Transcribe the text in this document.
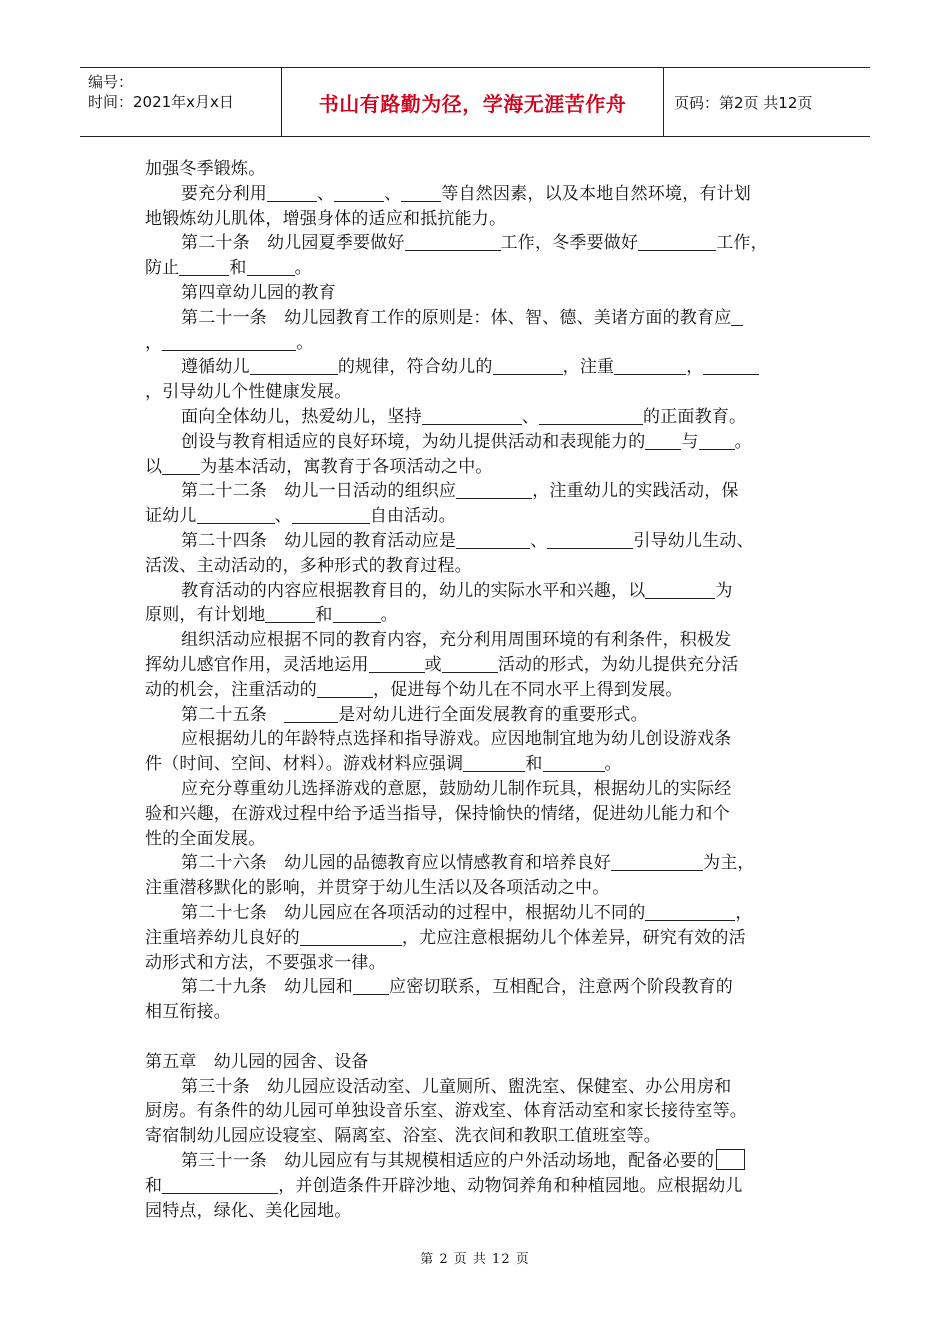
编号：
时间：2021年x月x日	书山有路勤为径，学海无涯苦作舟	页码：第2页 共12页

加强冬季锻炼。

要充分利用	、	、 等自然因素，以及本地自然环境，有计划

地锻炼幼儿肌体，增强身体的适应和抵抗能力。

第二十条　幼儿园夏季要做好	工作，冬季要做好	工作，

防止	和	。

第四章幼儿园的教育

第二十一条　幼儿园教育工作的原则是：体、智、德、美诸方面的教育应

，	。

遵循幼儿	的规律，符合幼儿的	，注重	，

，引导幼儿个性健康发展。

面向全体幼儿，热爱幼儿，坚持	、	的正面教育。

创设与教育相适应的良好环境，为幼儿提供活动和表现能力的 与 。

以 为基本活动，寓教育于各项活动之中。

第二十二条　幼儿一日活动的组织应	，注重幼儿的实践活动，保

证幼儿	、	自由活动。

第二十四条　幼儿园的教育活动应是	、	引导幼儿生动、

活泼、主动活动的，多种形式的教育过程。

教育活动的内容应根据教育目的，幼儿的实际水平和兴趣，以	为

原则，有计划地	和	。

组织活动应根据不同的教育内容，充分利用周围环境的有利条件，积极发

挥幼儿感官作用，灵活地运用	或	活动的形式，为幼儿提供充分活

动的机会，注重活动的	，促进每个幼儿在不同水平上得到发展。

第二十五条　	是对幼儿进行全面发展教育的重要形式。

应根据幼儿的年龄特点选择和指导游戏。应因地制宜地为幼儿创设游戏条

件（时间、空间、材料）。游戏材料应强调	和	。

应充分尊重幼儿选择游戏的意愿，鼓励幼儿制作玩具，根据幼儿的实际经

验和兴趣，在游戏过程中给予适当指导，保持愉快的情绪，促进幼儿能力和个

性的全面发展。

第二十六条　幼儿园的品德教育应以情感教育和培养良好	为主，

注重潜移默化的影响，并贯穿于幼儿生活以及各项活动之中。

第二十七条　幼儿园应在各项活动的过程中，根据幼儿不同的	，

注重培养幼儿良好的	，尤应注意根据幼儿个体差异，研究有效的活

动形式和方法，不要强求一律。

第二十九条　幼儿园和 应密切联系，互相配合，注意两个阶段教育的

相互衔接。

第五章　幼儿园的园舍、设备

第三十条　幼儿园应设活动室、儿童厕所、盥洗室、保健室、办公用房和

厨房。有条件的幼儿园可单独设音乐室、游戏室、体育活动室和家长接待室等。

寄宿制幼儿园应设寝室、隔离室、浴室、洗衣间和教职工值班室等。

第三十一条　幼儿园应有与其规模相适应的户外活动场地，配备必要的

和	，并创造条件开辟沙地、动物饲养角和种植园地。应根据幼儿

园特点，绿化、美化园地。

第 2 页 共 12 页
